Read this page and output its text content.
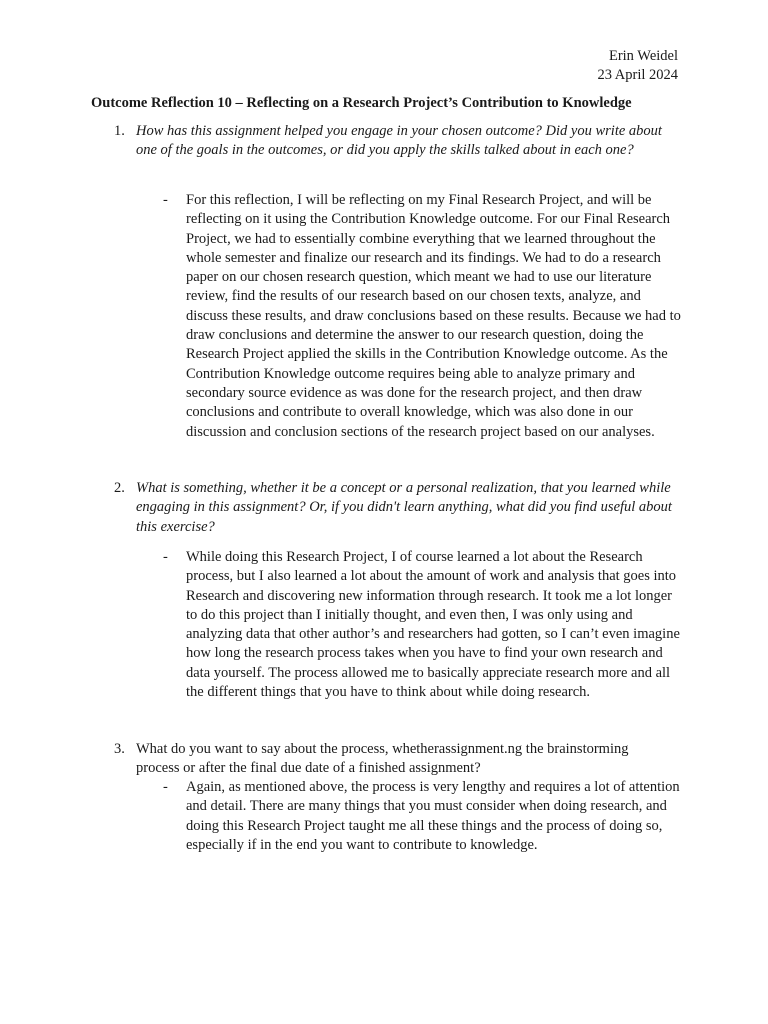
Erin Weidel
23 April 2024
Outcome Reflection 10 – Reflecting on a Research Project’s Contribution to Knowledge
1. How has this assignment helped you engage in your chosen outcome? Did you write about one of the goals in the outcomes, or did you apply the skills talked about in each one?
- For this reflection, I will be reflecting on my Final Research Project, and will be reflecting on it using the Contribution Knowledge outcome. For our Final Research Project, we had to essentially combine everything that we learned throughout the whole semester and finalize our research and its findings. We had to do a research paper on our chosen research question, which meant we had to use our literature review, find the results of our research based on our chosen texts, analyze, and discuss these results, and draw conclusions based on these results. Because we had to draw conclusions and determine the answer to our research question, doing the Research Project applied the skills in the Contribution Knowledge outcome. As the Contribution Knowledge outcome requires being able to analyze primary and secondary source evidence as was done for the research project, and then draw conclusions and contribute to overall knowledge, which was also done in our discussion and conclusion sections of the research project based on our analyses.
2. What is something, whether it be a concept or a personal realization, that you learned while engaging in this assignment? Or, if you didn't learn anything, what did you find useful about this exercise?
- While doing this Research Project, I of course learned a lot about the Research process, but I also learned a lot about the amount of work and analysis that goes into Research and discovering new information through research. It took me a lot longer to do this project than I initially thought, and even then, I was only using and analyzing data that other author’s and researchers had gotten, so I can’t even imagine how long the research process takes when you have to find your own research and data yourself. The process allowed me to basically appreciate research more and all the different things that you have to think about while doing research.
3. What do you want to say about the process, whetherassignment.ng the brainstorming process or after the final due date of a finished assignment?
- Again, as mentioned above, the process is very lengthy and requires a lot of attention and detail. There are many things that you must consider when doing research, and doing this Research Project taught me all these things and the process of doing so, especially if in the end you want to contribute to knowledge.
